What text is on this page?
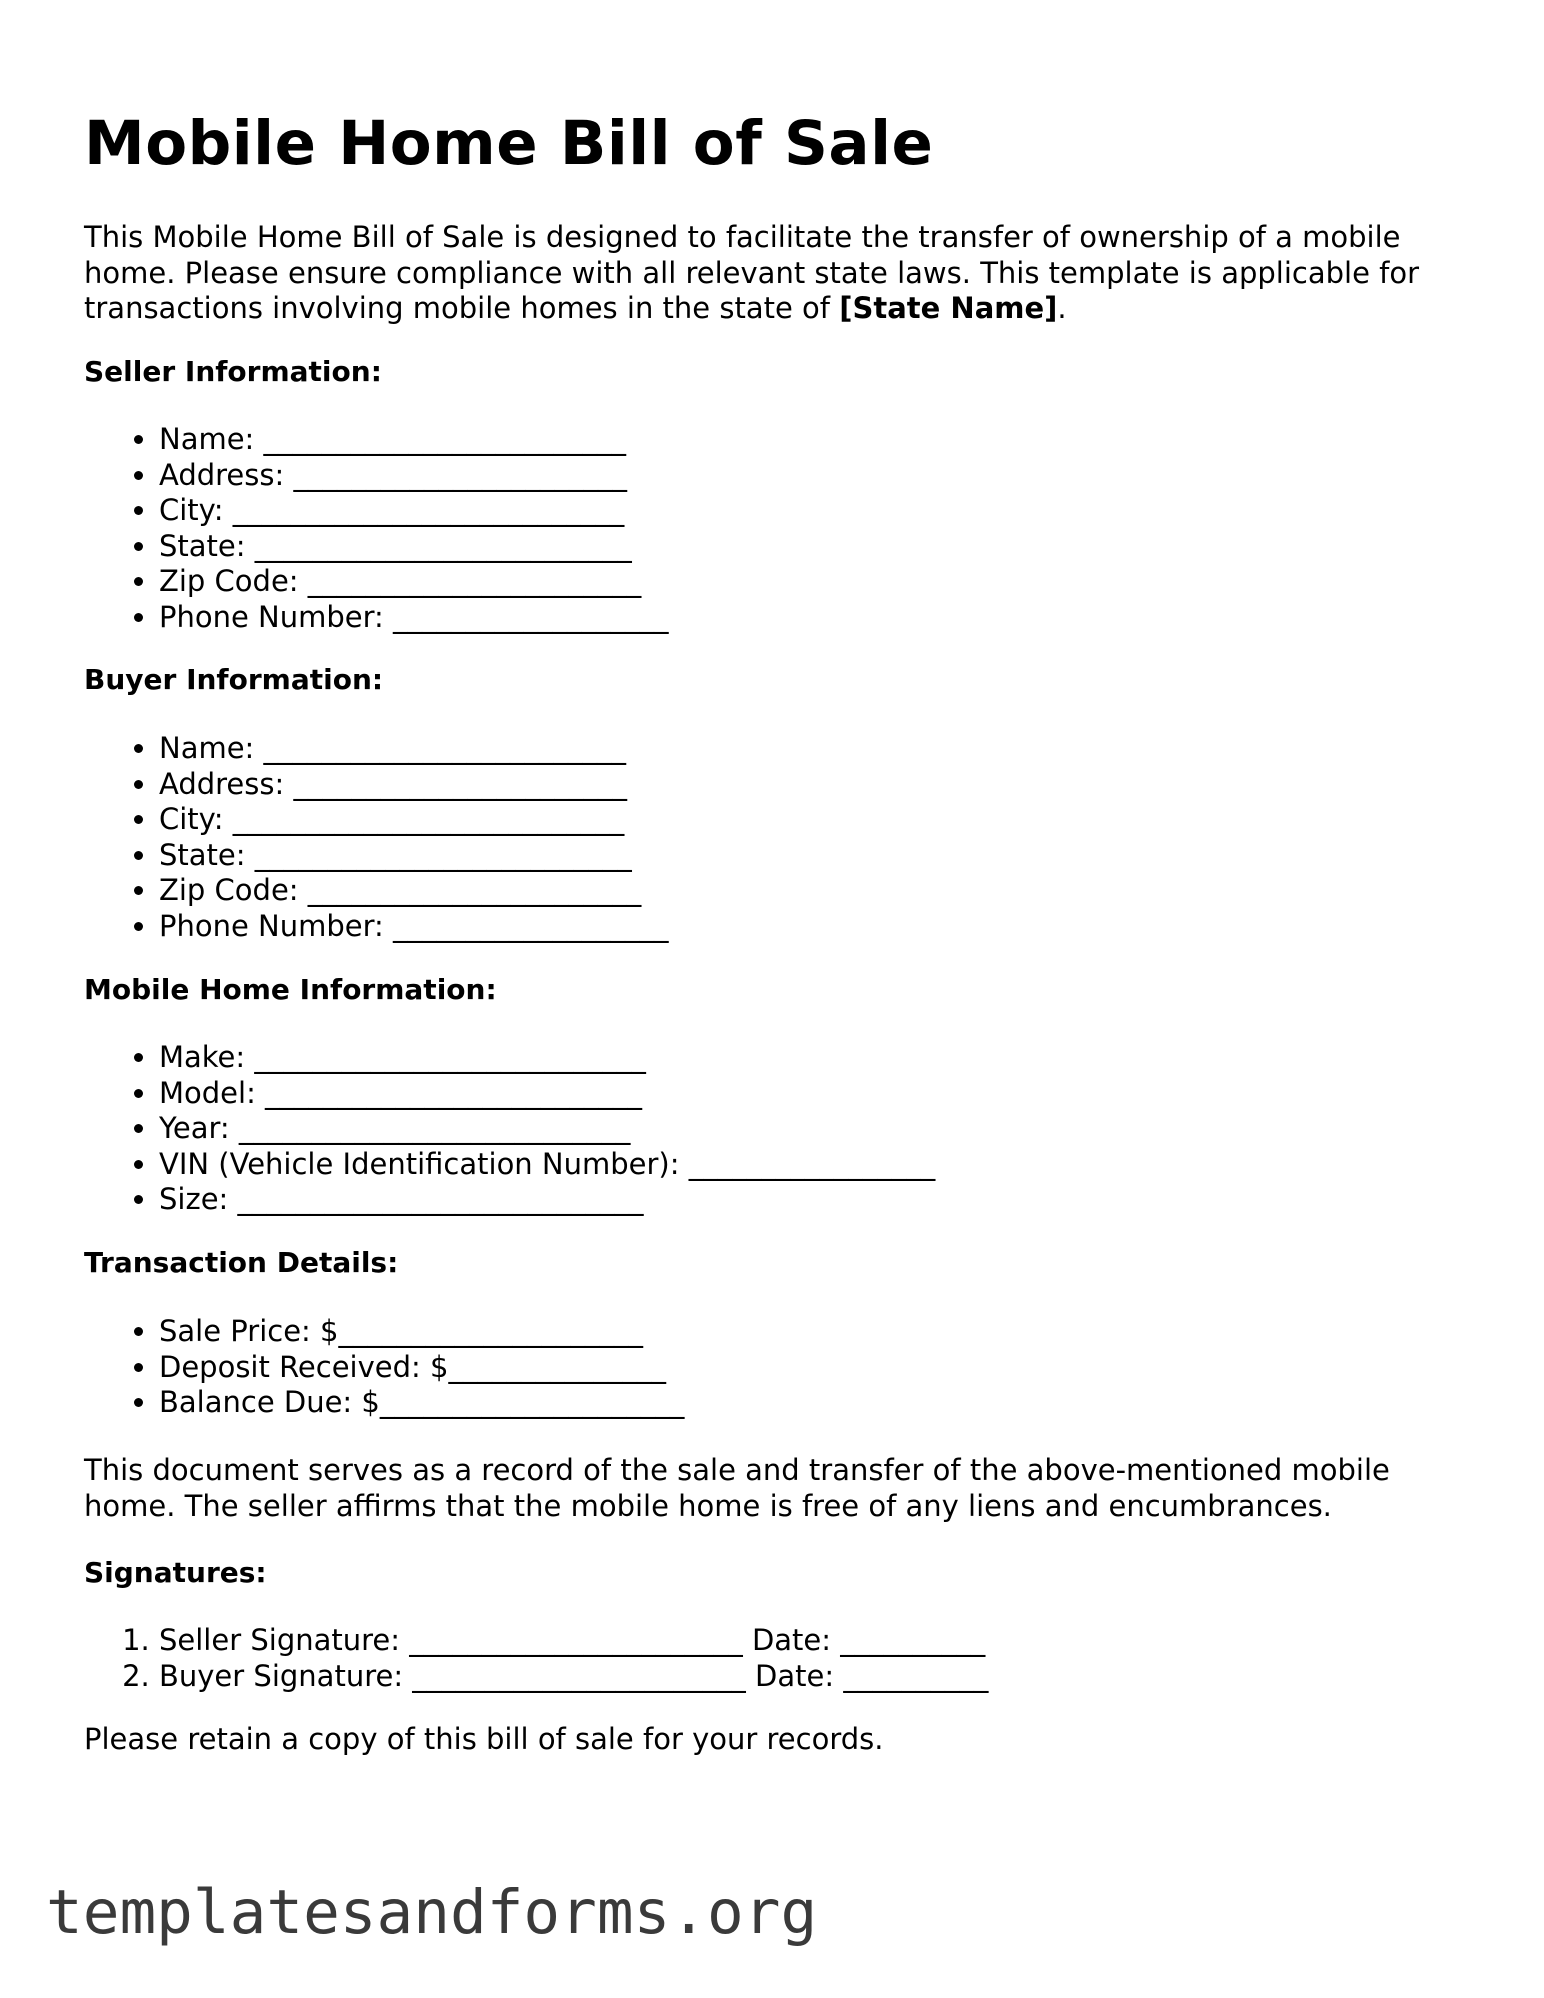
Mobile Home Bill of Sale

This Mobile Home Bill of Sale is designed to facilitate the transfer of ownership of a mobile home. Please ensure compliance with all relevant state laws. This template is applicable for transactions involving mobile homes in the state of [State Name].

Seller Information:
• Name: _________________________
• Address: _______________________
• City: ___________________________
• State: __________________________
• Zip Code: _______________________
• Phone Number: ___________________
Buyer Information:
• Name: _________________________
• Address: _______________________
• City: ___________________________
• State: __________________________
• Zip Code: _______________________
• Phone Number: ___________________
Mobile Home Information:
• Make: ___________________________
• Model: __________________________
• Year: ___________________________
• VIN (Vehicle Identification Number): _________________
• Size: ____________________________
Transaction Details:
• Sale Price: $_____________________
• Deposit Received: $_______________
• Balance Due: $_____________________

This document serves as a record of the sale and transfer of the above-mentioned mobile home. The seller affirms that the mobile home is free of any liens and encumbrances.

Signatures:
1. Seller Signature: _______________________ Date: __________
2. Buyer Signature: _______________________ Date: __________

Please retain a copy of this bill of sale for your records.

templatesandforms.org
